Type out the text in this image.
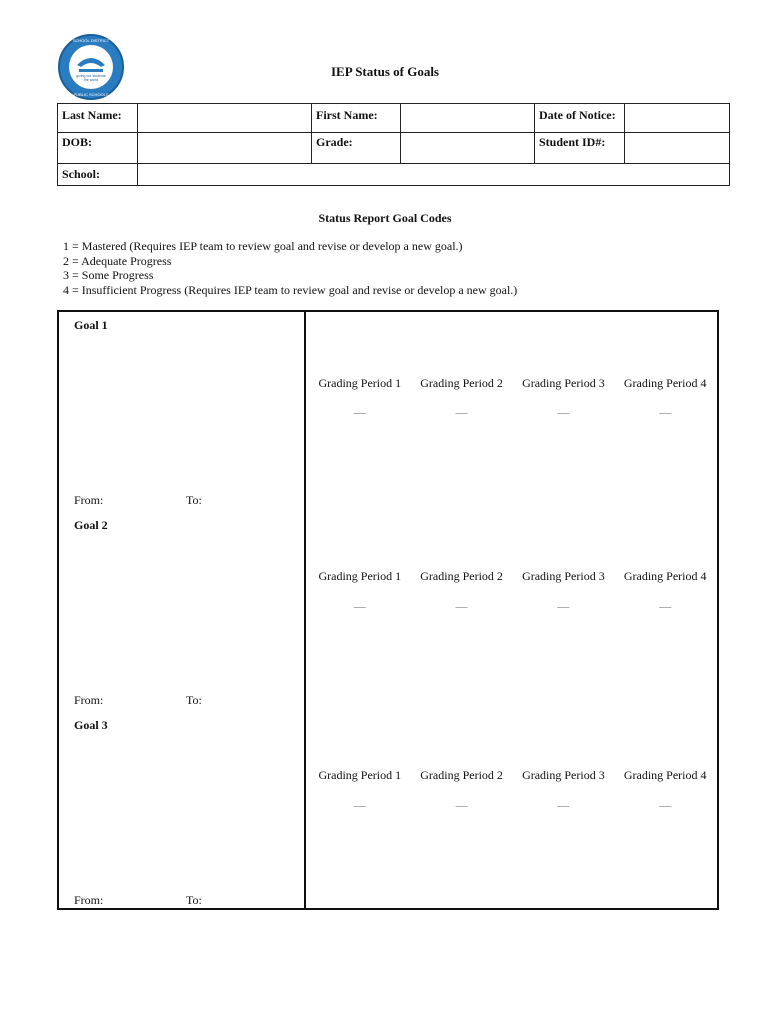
giving our students
the world
SCHOOL DISTRICT
PUBLIC SCHOOLS
IEP Status of Goals
Last Name:		First Name:		Date of Notice:	
DOB:		Grade:		Student ID#:	
School:					
Status Report Goal Codes
1 = Mastered (Requires IEP team to review goal and revise or develop a new goal.)
2 = Adequate Progress
3 = Some Progress
4 = Insufficient Progress (Requires IEP team to review goal and revise or develop a new goal.)
Goal 1
Grading Period 1	Grading Period 2	Grading Period 3	Grading Period 4
—	—	—	—
From:	To:
Goal 2
Grading Period 1	Grading Period 2	Grading Period 3	Grading Period 4
—	—	—	—
From:	To:
Goal 3
Grading Period 1	Grading Period 2	Grading Period 3	Grading Period 4
—	—	—	—
From:	To:
